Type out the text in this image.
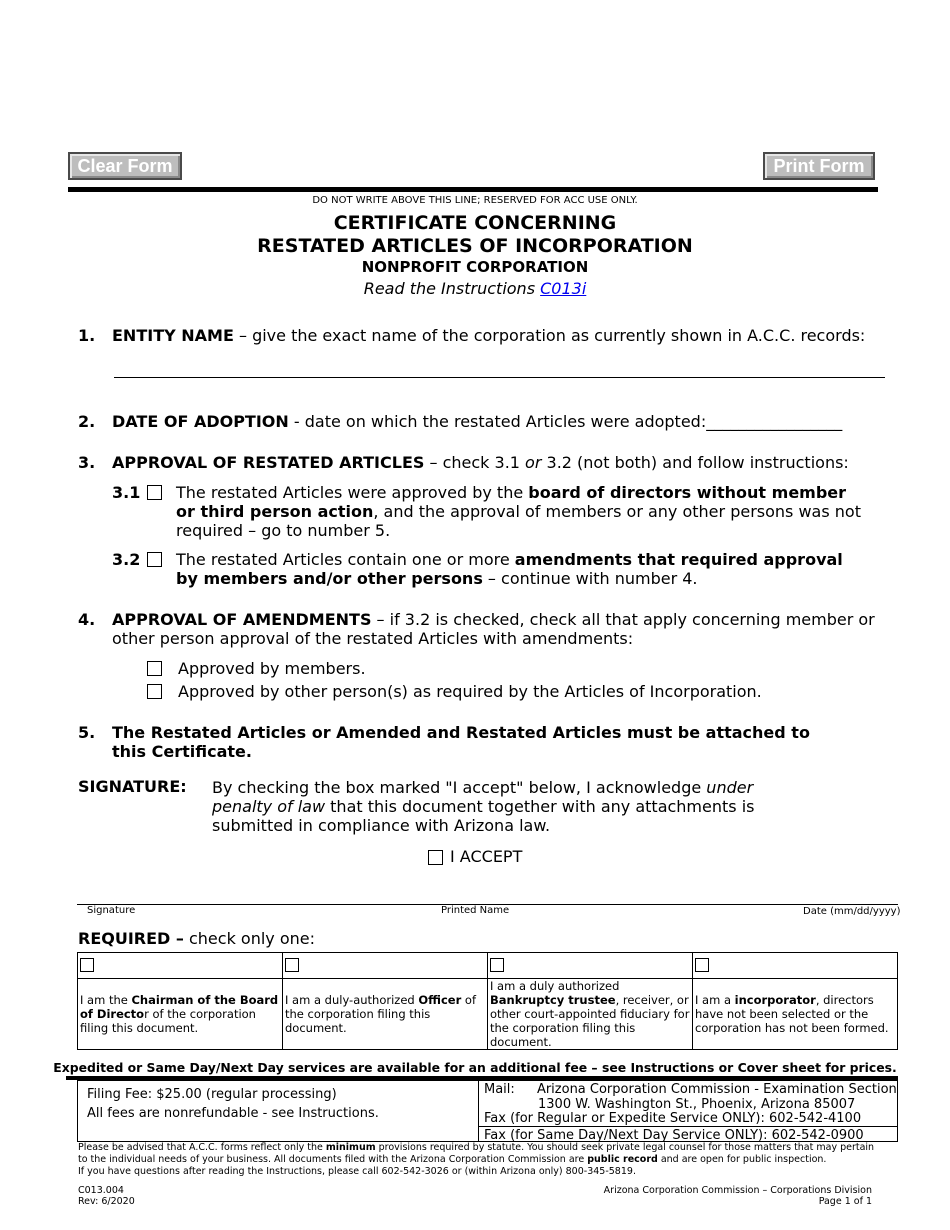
Clear Form	Print Form
DO NOT WRITE ABOVE THIS LINE; RESERVED FOR ACC USE ONLY.
CERTIFICATE CONCERNING
RESTATED ARTICLES OF INCORPORATION
NONPROFIT CORPORATION
Read the Instructions C013i
1. ENTITY NAME – give the exact name of the corporation as currently shown in A.C.C. records:
2. DATE OF ADOPTION - date on which the restated Articles were adopted:_________________
3. APPROVAL OF RESTATED ARTICLES – check 3.1 or 3.2 (not both) and follow instructions:
3.1 The restated Articles were approved by the board of directors without member or third person action, and the approval of members or any other persons was not required – go to number 5.
3.2 The restated Articles contain one or more amendments that required approval by members and/or other persons – continue with number 4.
4. APPROVAL OF AMENDMENTS – if 3.2 is checked, check all that apply concerning member or other person approval of the restated Articles with amendments:
Approved by members.
Approved by other person(s) as required by the Articles of Incorporation.
5. The Restated Articles or Amended and Restated Articles must be attached to this Certificate.
SIGNATURE: By checking the box marked "I accept" below, I acknowledge under penalty of law that this document together with any attachments is submitted in compliance with Arizona law.
I ACCEPT
Signature	Printed Name	Date (mm/dd/yyyy)
REQUIRED – check only one:

I am the Chairman of the Board of Director of the corporation filing this document.	I am a duly-authorized Officer of the corporation filing this document.	I am a duly authorized Bankruptcy trustee, receiver, or other court-appointed fiduciary for the corporation filing this document.	I am a incorporator, directors have not been selected or the corporation has not been formed.
Expedited or Same Day/Next Day services are available for an additional fee – see Instructions or Cover sheet for prices.
Filing Fee: $25.00 (regular processing)
All fees are nonrefundable - see Instructions.
Mail: Arizona Corporation Commission - Examination Section
1300 W. Washington St., Phoenix, Arizona 85007
Fax (for Regular or Expedite Service ONLY): 602-542-4100
Fax (for Same Day/Next Day Service ONLY): 602-542-0900
Please be advised that A.C.C. forms reflect only the minimum provisions required by statute. You should seek private legal counsel for those matters that may pertain
to the individual needs of your business. All documents filed with the Arizona Corporation Commission are public record and are open for public inspection.
If you have questions after reading the Instructions, please call 602-542-3026 or (within Arizona only) 800-345-5819.
C013.004
Rev: 6/2020
Arizona Corporation Commission – Corporations Division
Page 1 of 1
